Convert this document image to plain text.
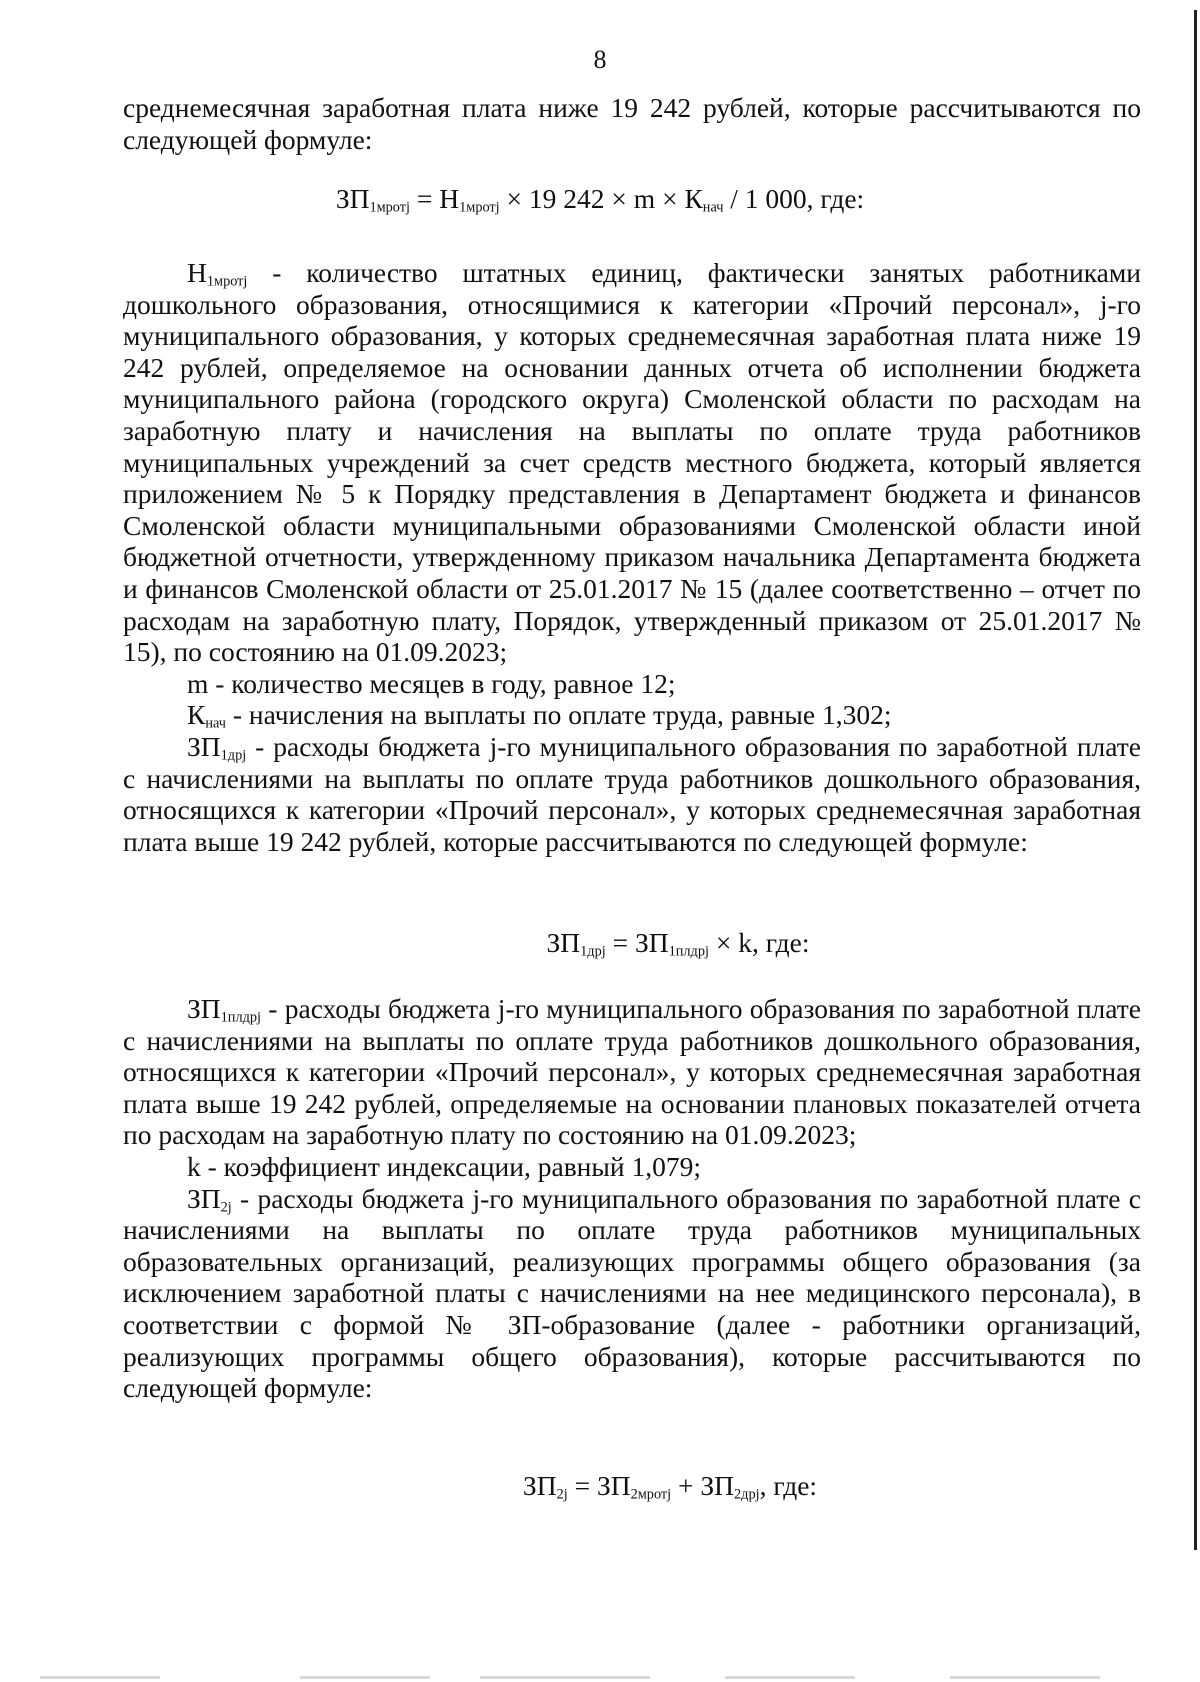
8

среднемесячная заработная плата ниже 19 242 рублей, которые рассчитываются по следующей формуле:

$ЗП_{1мротj} = Н_{1мротj} \times 19$ $242 \times m \times К_{нач} / 1$ 000, где:

$Н_{1мротj}$ - количество штатных единиц, фактически занятых работниками дошкольного образования, относящимися к категории «Прочий персонал», j-го муниципального образования, у которых среднемесячная заработная плата ниже 19 242 рублей, определяемое на основании данных отчета об исполнении бюджета муниципального района (городского округа) Смоленской области по расходам на заработную плату и начисления на выплаты по оплате труда работников муниципальных учреждений за счет средств местного бюджета, который является приложением № 5 к Порядку представления в Департамент бюджета и финансов Смоленской области муниципальными образованиями Смоленской области иной бюджетной отчетности, утвержденному приказом начальника Департамента бюджета и финансов Смоленской области от 25.01.2017 № 15 (далее соответственно – отчет по расходам на заработную плату, Порядок, утвержденный приказом от 25.01.2017 № 15), по состоянию на 01.09.2023;

m - количество месяцев в году, равное 12;

$К_{нач}$ - начисления на выплаты по оплате труда, равные 1,302;

$ЗП_{1дрj}$ - расходы бюджета j-го муниципального образования по заработной плате с начислениями на выплаты по оплате труда работников дошкольного образования, относящихся к категории «Прочий персонал», у которых среднемесячная заработная плата выше 19 242 рублей, которые рассчитываются по следующей формуле:

$ЗП_{1дрj} = ЗП_{1плдрj} \times k$, где:

$ЗП_{1плдрj}$ - расходы бюджета j-го муниципального образования по заработной плате с начислениями на выплаты по оплате труда работников дошкольного образования, относящихся к категории «Прочий персонал», у которых среднемесячная заработная плата выше 19 242 рублей, определяемые на основании плановых показателей отчета по расходам на заработную плату по состоянию на 01.09.2023;

k - коэффициент индексации, равный 1,079;

$ЗП_{2j}$ - расходы бюджета j-го муниципального образования по заработной плате с начислениями на выплаты по оплате труда работников муниципальных образовательных организаций, реализующих программы общего образования (за исключением заработной платы с начислениями на нее медицинского персонала), в соответствии с формой № ЗП-образование (далее - работники организаций, реализующих программы общего образования), которые рассчитываются по следующей формуле:

$ЗП_{2j} = ЗП_{2мротj} + ЗП_{2дрj}$, где:
